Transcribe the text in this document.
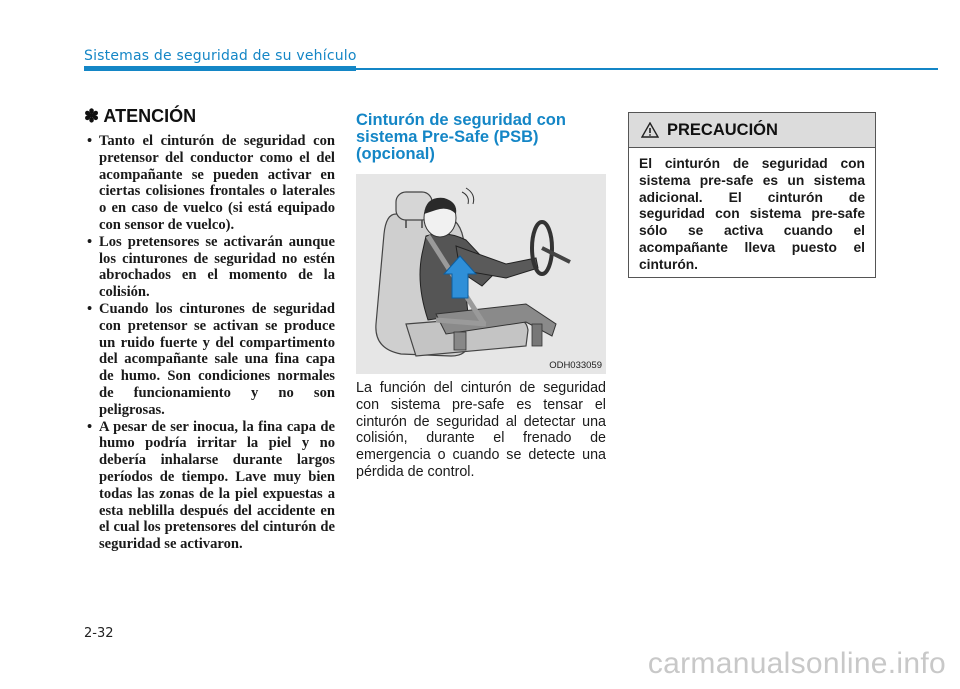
Sistemas de seguridad de su vehículo
✽ ATENCIÓN
• Tanto el cinturón de seguridad con pretensor del conductor como el del acompañante se pueden activar en ciertas colisiones frontales o laterales o en caso de vuelco (si está equipado con sensor de vuelco).
• Los pretensores se activarán aunque los cinturones de seguridad no estén abrochados en el momento de la colisión.
• Cuando los cinturones de seguridad con pretensor se activan se produce un ruido fuerte y del compartimento del acompañante sale una fina capa de humo. Son condiciones normales de funcionamiento y no son peligrosas.
• A pesar de ser inocua, la fina capa de humo podría irritar la piel y no debería inhalarse durante largos períodos de tiempo. Lave muy bien todas las zonas de la piel expuestas a esta neblilla después del accidente en el cual los pretensores del cinturón de seguridad se activaron.
Cinturón de seguridad con sistema Pre-Safe (PSB) (opcional)
ODH033059

La función del cinturón de seguridad con sistema pre-safe es tensar el cinturón de seguridad al detectar una colisión, durante el frenado de emergencia o cuando se detecte una pérdida de control.

PRECAUCIÓN

El cinturón de seguridad con sistema pre-safe es un sistema adicional. El cinturón de seguridad con sistema pre-safe sólo se activa cuando el acompañante lleva puesto el cinturón.

2-32
carmanualsonline.info
